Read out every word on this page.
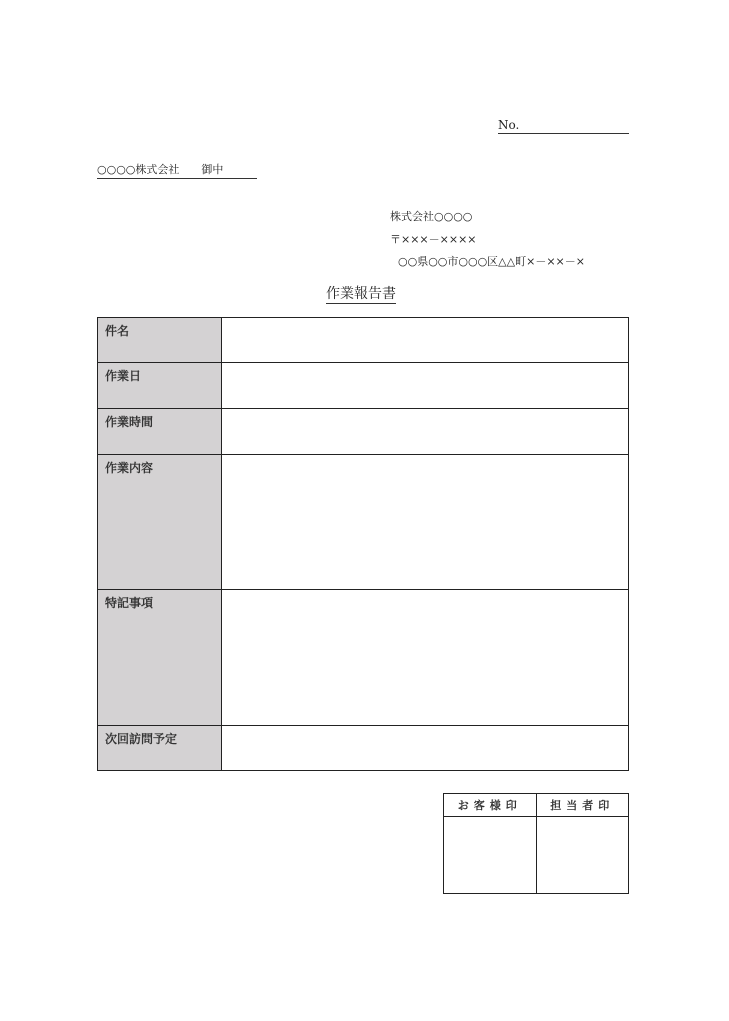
No.
○○○○株式会社 御中
株式会社○○○○
〒×××－××××
○○県○○市○○○区△△町×－××－×
作業報告書
件名	
作業日	
作業時間	
作業内容	
特記事項	
次回訪問予定	
お客様印	担当者印
